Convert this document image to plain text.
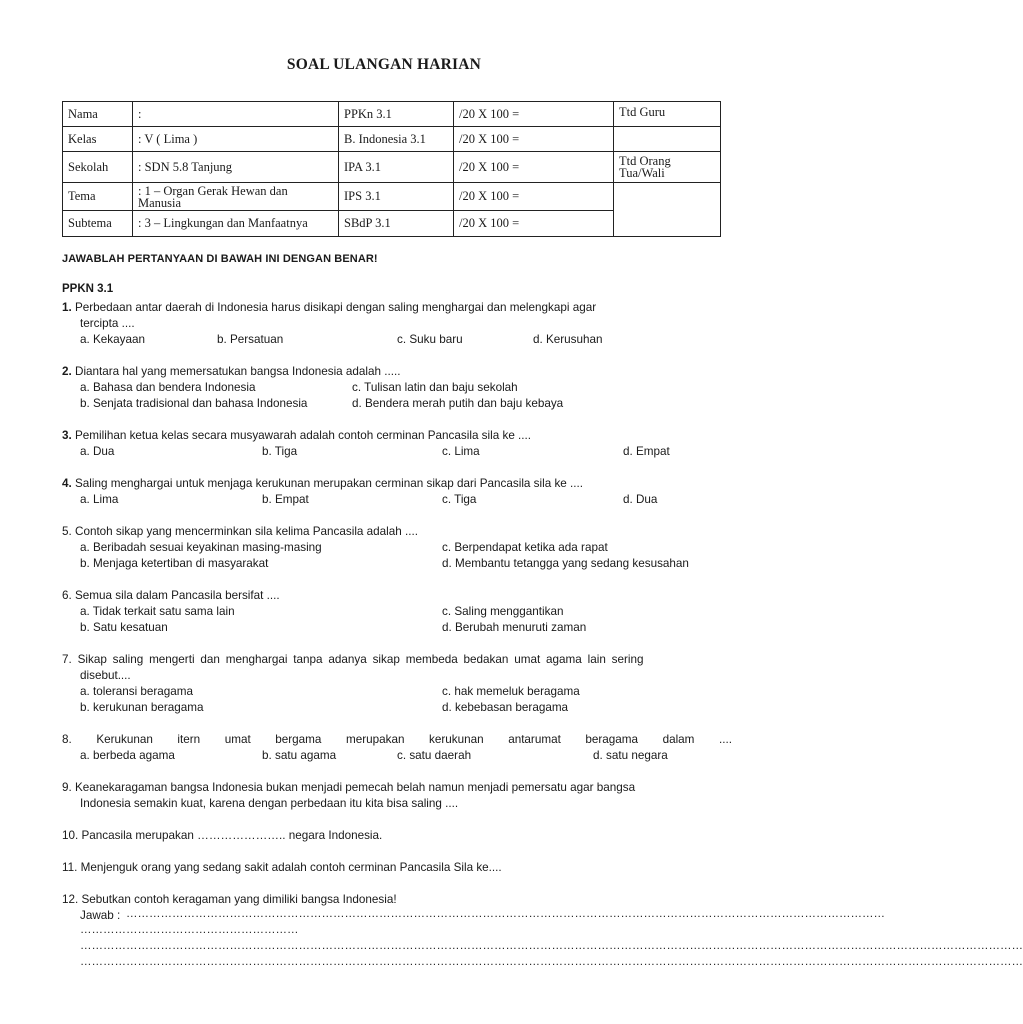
SOAL ULANGAN HARIAN
Nama	:	PPKn 3.1	/20 X 100 =	Ttd Guru
Kelas	: V ( Lima )	B. Indonesia 3.1	/20 X 100 =	
Sekolah	: SDN 5.8 Tanjung	IPA 3.1	/20 X 100 =	Ttd Orang Tua/Wali
Tema	: 1 – Organ Gerak Hewan dan Manusia	IPS 3.1	/20 X 100 =	
Subtema	: 3 – Lingkungan dan Manfaatnya	SBdP 3.1	/20 X 100 =	
JAWABLAH PERTANYAAN DI BAWAH INI DENGAN BENAR!
PPKN 3.1
1. Perbedaan antar daerah di Indonesia harus disikapi dengan saling menghargai dan melengkapi agar
tercipta ....
a. Kekayaan	b. Persatuan	c. Suku baru	d. Kerusuhan
2. Diantara hal yang memersatukan bangsa Indonesia adalah .....
a. Bahasa dan bendera Indonesia	c. Tulisan latin dan baju sekolah
b. Senjata tradisional dan bahasa Indonesia	d. Bendera merah putih dan baju kebaya
3. Pemilihan ketua kelas secara musyawarah adalah contoh cerminan Pancasila sila ke ....
a. Dua	b. Tiga	c. Lima	d. Empat
4. Saling menghargai untuk menjaga kerukunan merupakan cerminan sikap dari Pancasila sila ke ....
a. Lima	b. Empat	c. Tiga	d. Dua
5. Contoh sikap yang mencerminkan sila kelima Pancasila adalah ....
a. Beribadah sesuai keyakinan masing-masing	c. Berpendapat ketika ada rapat
b. Menjaga ketertiban di masyarakat	d. Membantu tetangga yang sedang kesusahan
6. Semua sila dalam Pancasila bersifat ....
a. Tidak terkait satu sama lain	c. Saling menggantikan
b. Satu kesatuan	d. Berubah menuruti zaman
7. Sikap saling mengerti dan menghargai tanpa adanya sikap membeda bedakan umat agama lain sering
disebut....
a. toleransi beragama	c. hak memeluk beragama
b. kerukunan beragama	d. kebebasan beragama
8. Kerukunan itern umat bergama merupakan kerukunan antarumat beragama dalam ....
a. berbeda agama	b. satu agama	c. satu daerah	d. satu negara
9. Keanekaragaman bangsa Indonesia bukan menjadi pemecah belah namun menjadi pemersatu agar bangsa
Indonesia semakin kuat, karena dengan perbedaan itu kita bisa saling ....
10. Pancasila merupakan ………………….. negara Indonesia.
11. Menjenguk orang yang sedang sakit adalah contoh cerminan Pancasila Sila ke....
12. Sebutkan contoh keragaman yang dimiliki bangsa Indonesia!
Jawab : ………………………………………………………………………………………………………………………………………………………………………………
…………………………………………………
…………………………………………………………………………………………………………………………………………………………………………………………………………………………
…………………………………………………………………………………………………………………………………………………………………………………………………………………………
